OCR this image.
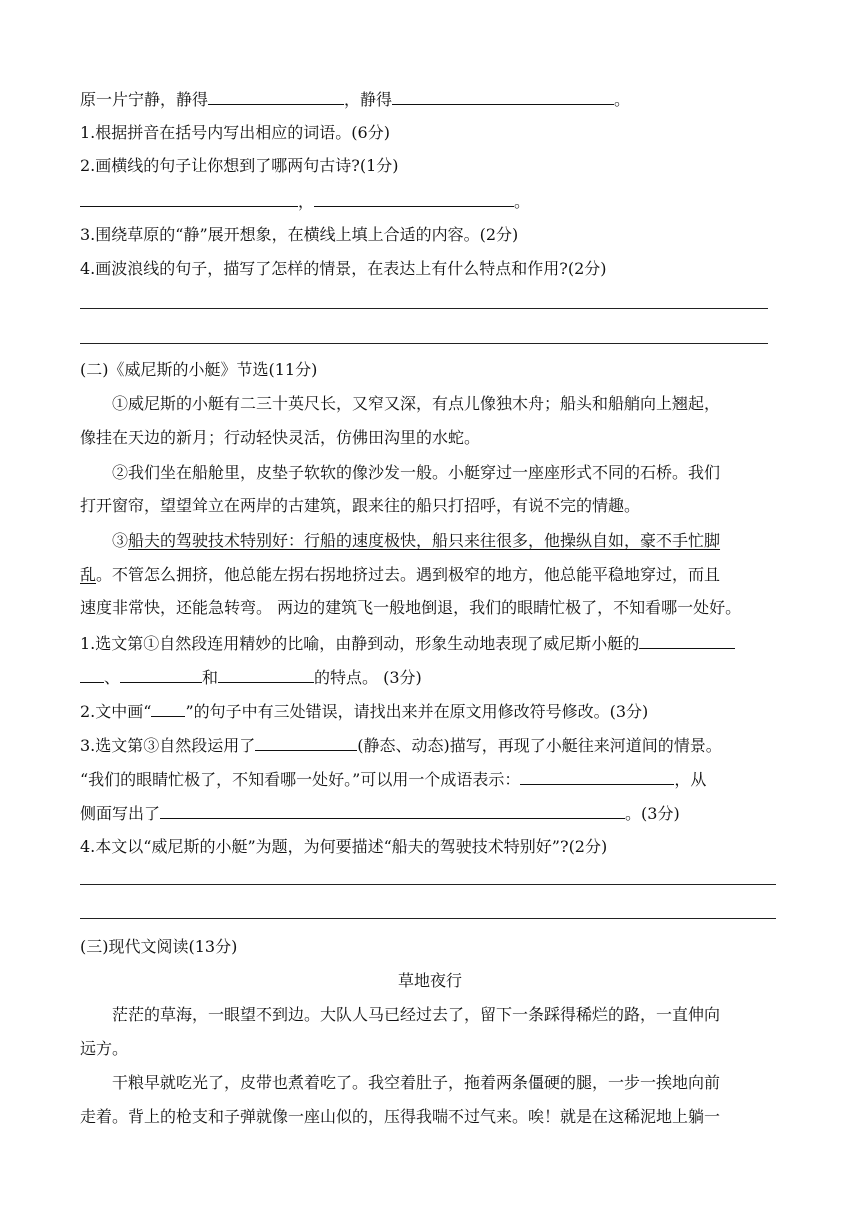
原一片宁静，静得	，静得	。
1.根据拼音在括号内写出相应的词语。(6分)
2.画横线的句子让你想到了哪两句古诗?(1分)
，	。
3.围绕草原的“静”展开想象，在横线上填上合适的内容。(2分)
4.画波浪线的句子，描写了怎样的情景，在表达上有什么特点和作用?(2分)
(二)《威尼斯的小艇》节选(11分)
①威尼斯的小艇有二三十英尺长，又窄又深，有点儿像独木舟；船头和船艄向上翘起，
像挂在天边的新月；行动轻快灵活，仿佛田沟里的水蛇。
②我们坐在船舱里，皮垫子软软的像沙发一般。小艇穿过一座座形式不同的石桥。我们
打开窗帘，望望耸立在两岸的古建筑，跟来往的船只打招呼，有说不完的情趣。
③船夫的驾驶技术特别好：行船的速度极快，船只来往很多，他操纵自如，豪不手忙脚
乱。不管怎么拥挤，他总能左拐右拐地挤过去。遇到极窄的地方，他总能平稳地穿过，而且
速度非常快，还能急转弯。 两边的建筑飞一般地倒退，我们的眼睛忙极了，不知看哪一处好。
1.选文第①自然段连用精妙的比喻，由静到动，形象生动地表现了威尼斯小艇的
、	和	的特点。 (3分)
2.文中画“ ”的句子中有三处错误，请找出来并在原文用修改符号修改。(3分)
3.选文第③自然段运用了	(静态、动态)描写，再现了小艇往来河道间的情景。
“我们的眼睛忙极了，不知看哪一处好。”可以用一个成语表示：	，从
侧面写出了	。(3分)
4.本文以“威尼斯的小艇”为题，为何要描述“船夫的驾驶技术特别好”?(2分)
(三)现代文阅读(13分)
草地夜行
茫茫的草海，一眼望不到边。大队人马已经过去了，留下一条踩得稀烂的路，一直伸向
远方。
干粮早就吃光了，皮带也煮着吃了。我空着肚子，拖着两条僵硬的腿，一步一挨地向前
走着。背上的枪支和子弹就像一座山似的，压得我喘不过气来。唉！就是在这稀泥地上躺一
